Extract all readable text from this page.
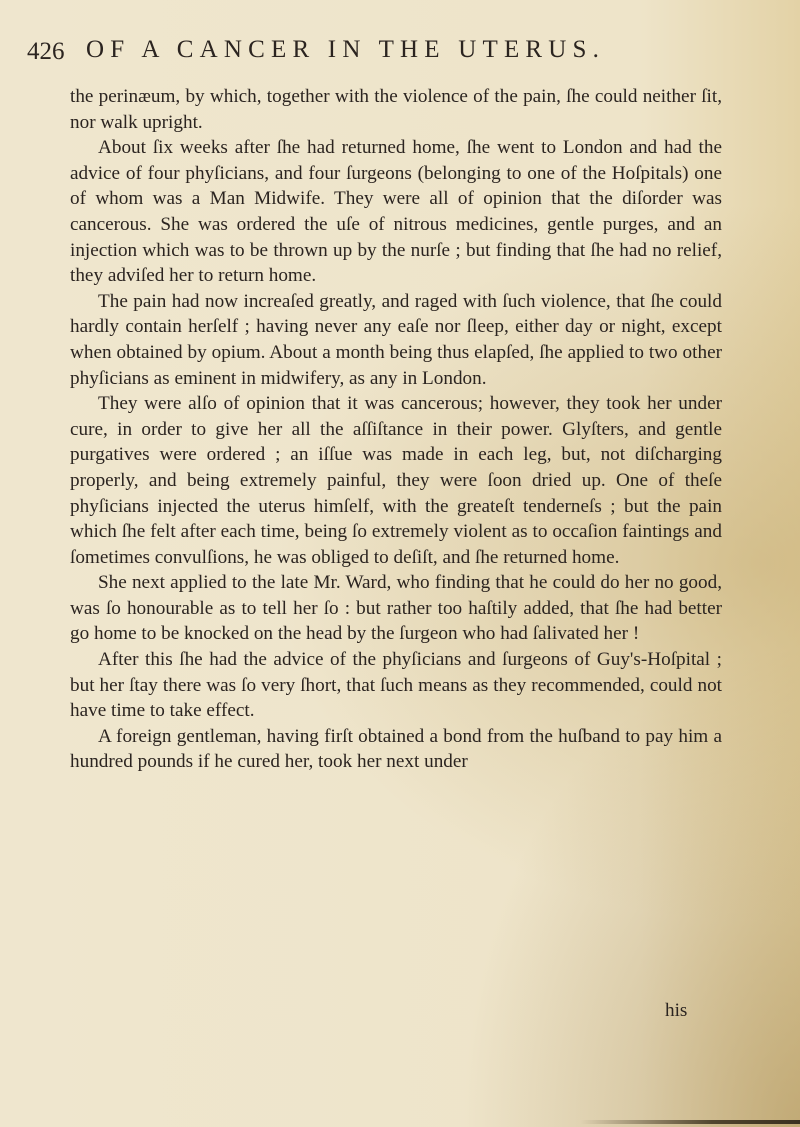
426 OF A CANCER IN THE UTERUS.

the perinæum, by which, together with the violence of the pain, ſhe could neither ſit, nor walk upright.

About ſix weeks after ſhe had returned home, ſhe went to London and had the advice of four phyſicians, and four ſurgeons (belonging to one of the Hoſpitals) one of whom was a Man Midwife. They were all of opinion that the diſorder was cancerous. She was ordered the uſe of nitrous medicines, gentle purges, and an injection which was to be thrown up by the nurſe ; but finding that ſhe had no relief, they adviſed her to return home.

The pain had now increaſed greatly, and raged with ſuch violence, that ſhe could hardly contain herſelf ; having never any eaſe nor ſleep, either day or night, except when obtained by opium. About a month being thus elapſed, ſhe applied to two other phyſicians as eminent in midwifery, as any in London.

They were alſo of opinion that it was cancerous; however, they took her under cure, in order to give her all the aſſiſtance in their power. Glyſters, and gentle purgatives were ordered ; an iſſue was made in each leg, but, not diſcharging properly, and being extremely painful, they were ſoon dried up. One of theſe phyſicians injected the uterus himſelf, with the greateſt tenderneſs ; but the pain which ſhe felt after each time, being ſo extremely violent as to occaſion faintings and ſometimes convulſions, he was obliged to deſiſt, and ſhe returned home.

She next applied to the late Mr. Ward, who finding that he could do her no good, was ſo honourable as to tell her ſo : but rather too haſtily added, that ſhe had better go home to be knocked on the head by the ſurgeon who had ſalivated her !

After this ſhe had the advice of the phyſicians and ſurgeons of Guy's-Hoſpital ; but her ſtay there was ſo very ſhort, that ſuch means as they recommended, could not have time to take effect.

A foreign gentleman, having firſt obtained a bond from the huſband to pay him a hundred pounds if he cured her, took her next under

his
